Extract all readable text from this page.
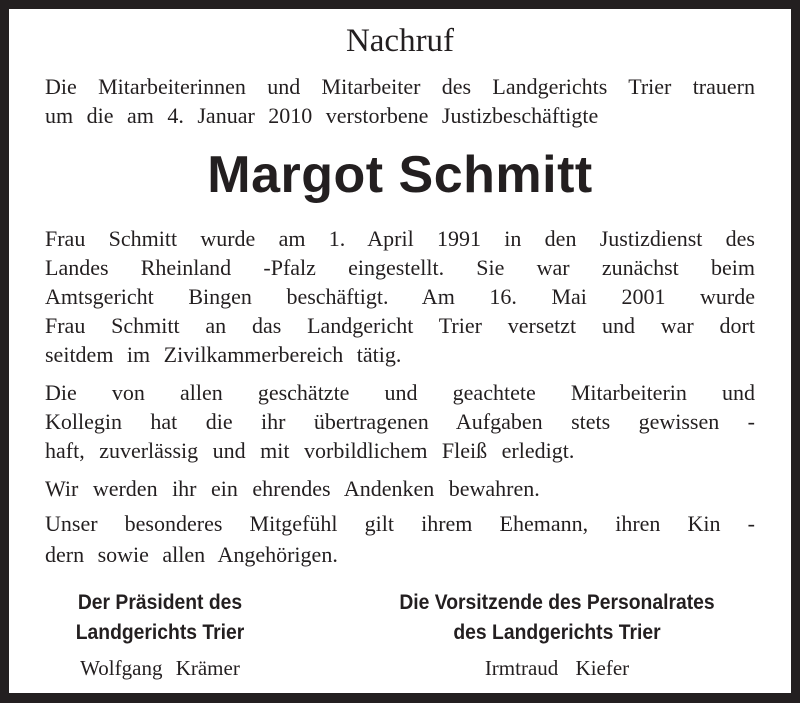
Nachruf
Die Mitarbeiterinnen und Mitarbeiter des Landgerichts Trier trauern
um die am 4. Januar 2010 verstorbene Justizbeschäftigte
Margot Schmitt
Frau Schmitt wurde am 1. April 1991 in den Justizdienst des
Landes Rheinland -Pfalz eingestellt. Sie war zunächst beim
Amtsgericht Bingen beschäftigt. Am 16. Mai 2001 wurde
Frau Schmitt an das Landgericht Trier versetzt und war dort
seitdem im Zivilkammerbereich tätig.
Die von allen geschätzte und geachtete Mitarbeiterin und
Kollegin hat die ihr übertragenen Aufgaben stets gewissen -
haft, zuverlässig und mit vorbildlichem Fleiß erledigt.
Wir werden ihr ein ehrendes Andenken bewahren.
Unser besonderes Mitgefühl gilt ihrem Ehemann, ihren Kin -
dern sowie allen Angehörigen.
Der Präsident des
Landgerichts Trier
Wolfgang Krämer
Die Vorsitzende des Personalrates
des Landgerichts Trier
Irmtraud Kiefer
